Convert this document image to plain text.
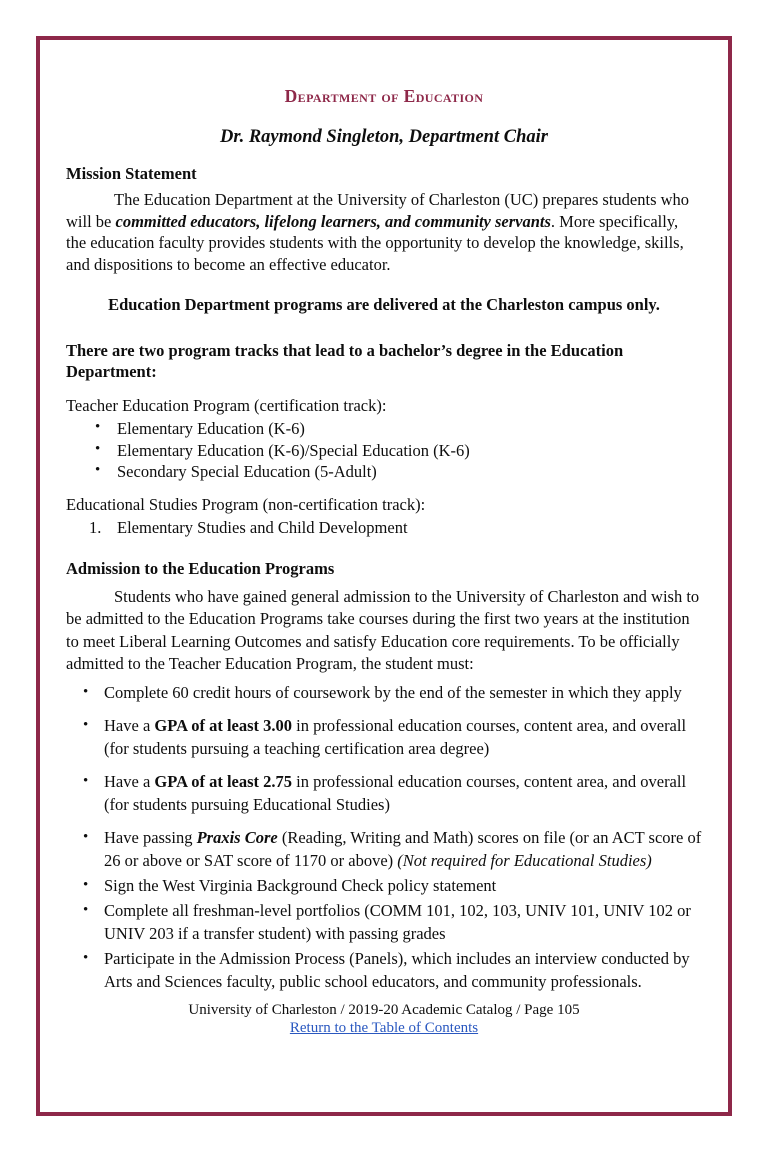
Department of Education
Dr. Raymond Singleton, Department Chair
Mission Statement

The Education Department at the University of Charleston (UC) prepares students who will be committed educators, lifelong learners, and community servants. More specifically, the education faculty provides students with the opportunity to develop the knowledge, skills, and dispositions to become an effective educator.

Education Department programs are delivered at the Charleston campus only.

There are two program tracks that lead to a bachelor’s degree in the Education Department:

Teacher Education Program (certification track):

• Elementary Education (K-6)
• Elementary Education (K-6)/Special Education (K-6)
• Secondary Special Education (5-Adult)

Educational Studies Program (non-certification track):

Elementary Studies and Child Development
Admission to the Education Programs

Students who have gained general admission to the University of Charleston and wish to be admitted to the Education Programs take courses during the first two years at the institution to meet Liberal Learning Outcomes and satisfy Education core requirements. To be officially admitted to the Teacher Education Program, the student must:

• Complete 60 credit hours of coursework by the end of the semester in which they apply
• Have a GPA of at least 3.00 in professional education courses, content area, and overall (for students pursuing a teaching certification area degree)
• Have a GPA of at least 2.75 in professional education courses, content area, and overall (for students pursuing Educational Studies)
• Have passing Praxis Core (Reading, Writing and Math) scores on file (or an ACT score of 26 or above or SAT score of 1170 or above) (Not required for Educational Studies)
• Sign the West Virginia Background Check policy statement
• Complete all freshman-level portfolios (COMM 101, 102, 103, UNIV 101, UNIV 102 or UNIV 203 if a transfer student) with passing grades
• Participate in the Admission Process (Panels), which includes an interview conducted by Arts and Sciences faculty, public school educators, and community professionals.

University of Charleston / 2019-20 Academic Catalog / Page 105

Return to the Table of Contents
